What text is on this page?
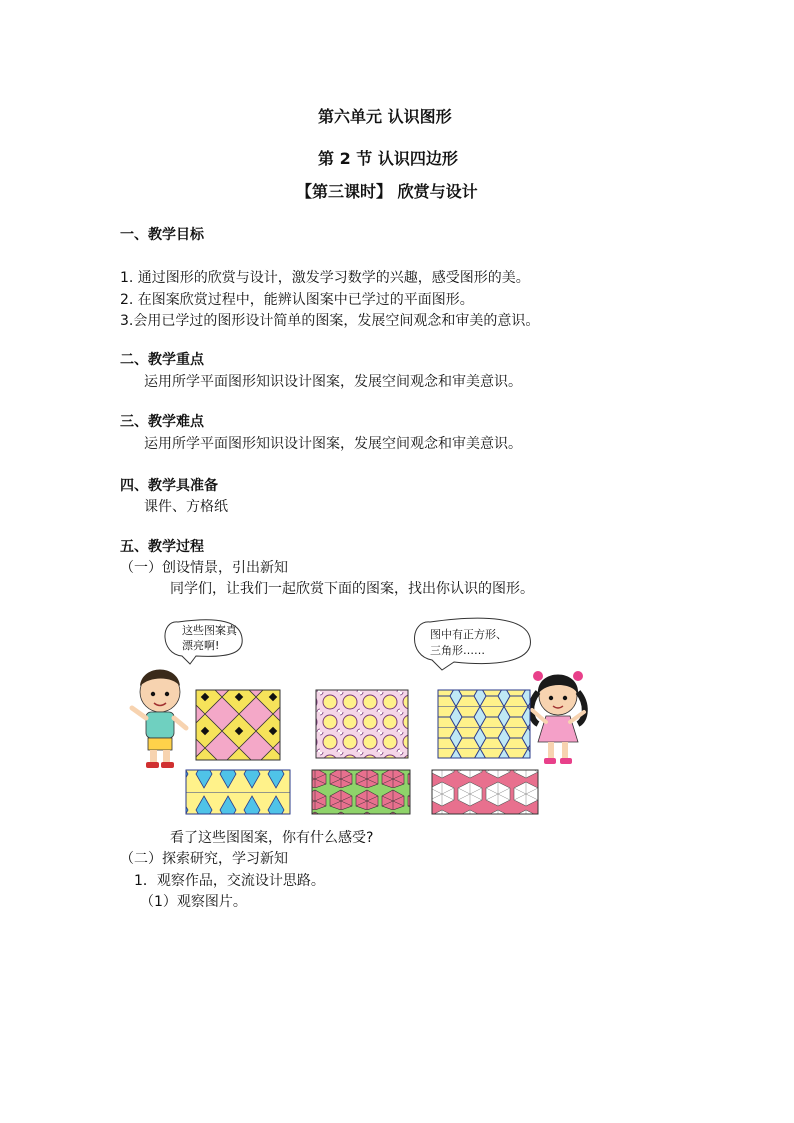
第六单元 认识图形
第 2 节 认识四边形
【第三课时】 欣赏与设计
一、教学目标
1. 通过图形的欣赏与设计，激发学习数学的兴趣，感受图形的美。
2. 在图案欣赏过程中，能辨认图案中已学过的平面图形。
3.会用已学过的图形设计简单的图案，发展空间观念和审美的意识。
二、教学重点
运用所学平面图形知识设计图案，发展空间观念和审美意识。
三、教学难点
运用所学平面图形知识设计图案，发展空间观念和审美意识。
四、教学具准备
课件、方格纸
五、教学过程
（一）创设情景，引出新知
同学们，让我们一起欣赏下面的图案，找出你认识的图形。
这些图案真
漂亮啊!
图中有正方形、
三角形……
看了这些图图案，你有什么感受?
（二）探索研究，学习新知
1．观察作品，交流设计思路。
（1）观察图片。
